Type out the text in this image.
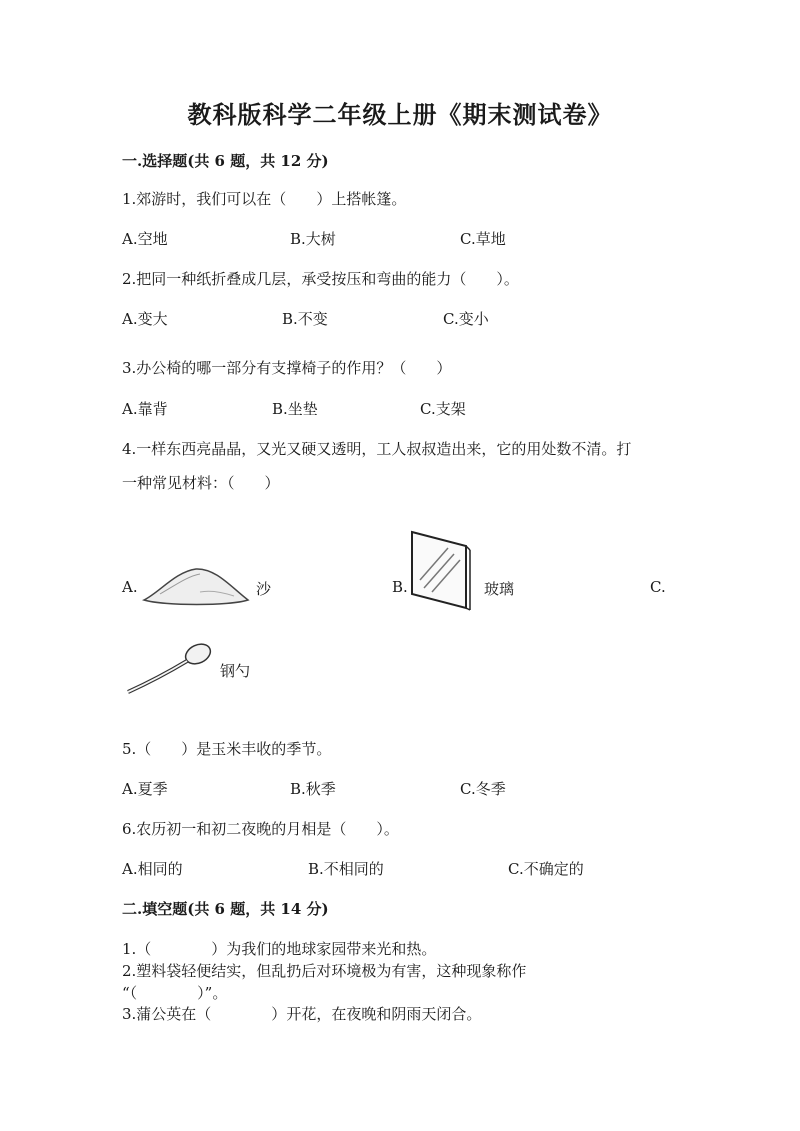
教科版科学二年级上册《期末测试卷》
一.选择题(共 6 题，共 12 分)
1.郊游时，我们可以在（　　）上搭帐篷。
A.空地	B.大树	C.草地
2.把同一种纸折叠成几层，承受按压和弯曲的能力（　　）。
A.变大	B.不变	C.变小
3.办公椅的哪一部分有支撑椅子的作用？（　　）
A.靠背	B.坐垫	C.支架
4.一样东西亮晶晶，又光又硬又透明，工人叔叔造出来，它的用处数不清。打
一种常见材料：（　　）
A.	沙	B.	玻璃	C.
钢勺
5.（　　）是玉米丰收的季节。
A.夏季	B.秋季	C.冬季
6.农历初一和初二夜晚的月相是（　　）。
A.相同的	B.不相同的	C.不确定的
二.填空题(共 6 题，共 14 分)
1.（　　　　）为我们的地球家园带来光和热。
2.塑料袋轻便结实，但乱扔后对环境极为有害，这种现象称作
“（　　　　）”。
3.蒲公英在（　　　　）开花，在夜晚和阴雨天闭合。
